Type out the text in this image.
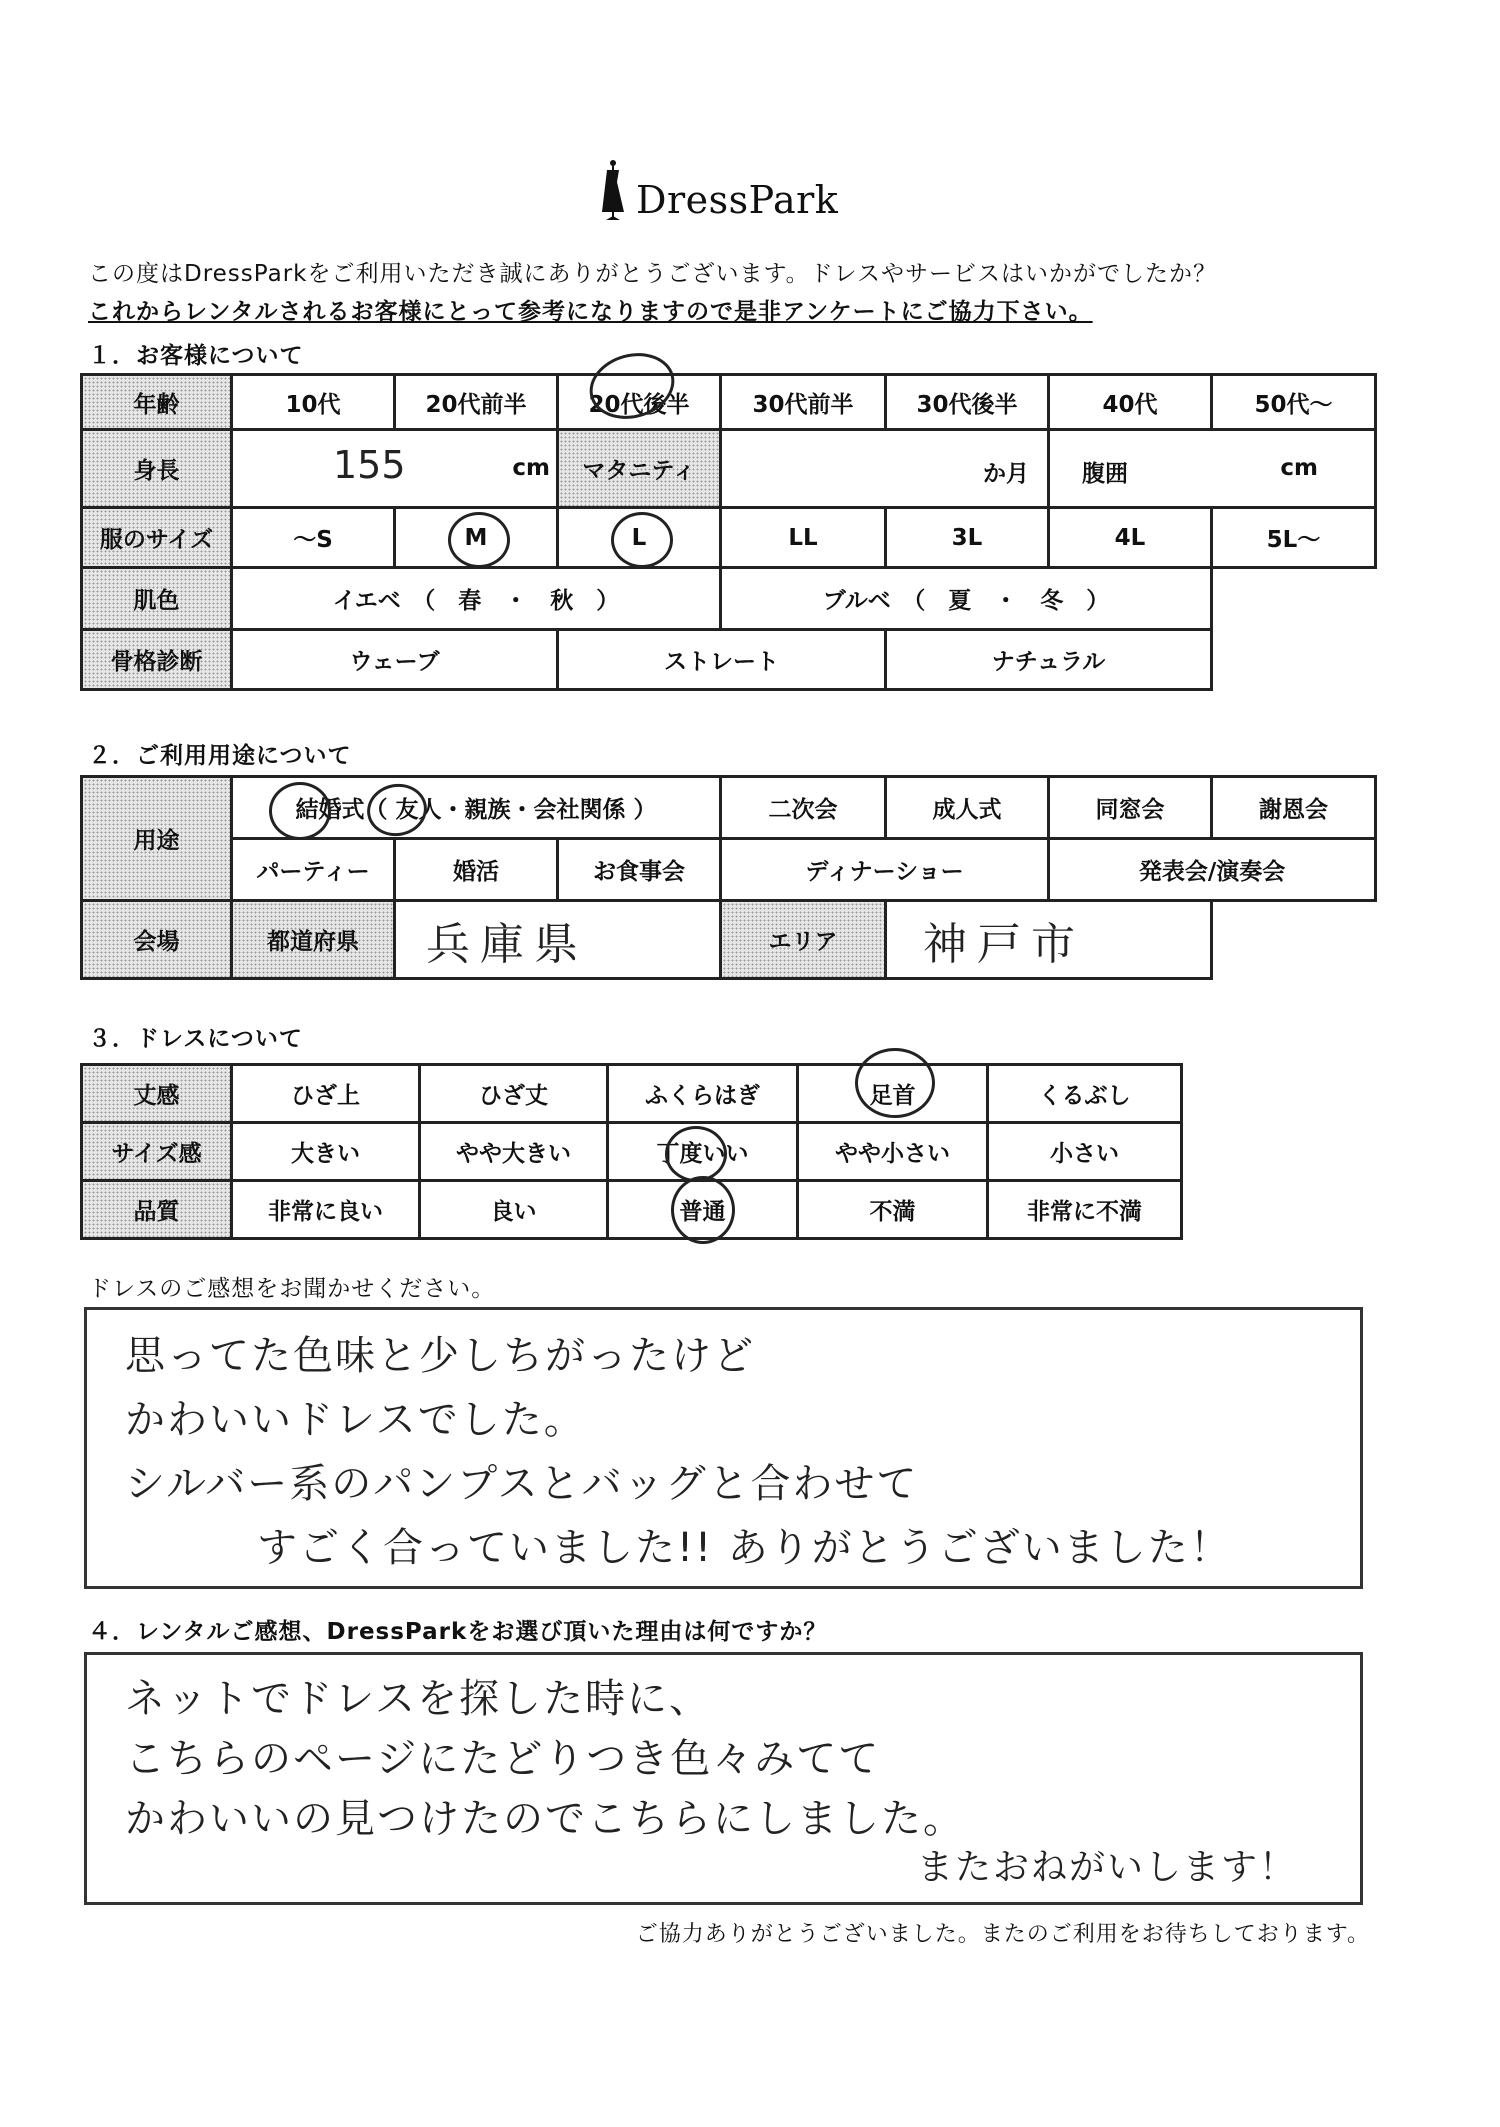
DressPark
この度はDressParkをご利用いただき誠にありがとうございます。ドレスやサービスはいかがでしたか？
これからレンタルされるお客様にとって参考になりますので是非アンケートにご協力下さい。
１．お客様について
年齢	10代	20代前半	20代後半	30代前半	30代後半	40代	50代～
身長	155 cm		マタニティ	か月		腹囲 cm	

服のサイズ	～S	M	L	LL	3L	4L	5L～
肌色	イエベ　（　春　・　秋　）			ブルベ　（　夏　・　冬　）			
骨格診断	ウェーブ		ストレート		ナチュラル		
２．ご利用用途について
用途	結婚式（ 友人・親族・会社関係 ）			二次会	成人式	同窓会	謝恩会
	パーティー	婚活	お食事会	ディナーショー		発表会/演奏会	
会場	都道府県	兵庫県		エリア	神戸市		
３．ドレスについて
丈感	ひざ上	ひざ丈	ふくらはぎ	足首	くるぶし
サイズ感	大きい	やや大きい	丁度いい	やや小さい	小さい
品質	非常に良い	良い	普通	不満	非常に不満
ドレスのご感想をお聞かせください。
思ってた色味と少しちがったけど
かわいいドレスでした。
シルバー系のパンプスとバッグと合わせて
すごく合っていました!! ありがとうございました！
４．レンタルご感想、DressParkをお選び頂いた理由は何ですか？
ネットでドレスを探した時に、
こちらのページにたどりつき色々みてて
かわいいの見つけたのでこちらにしました。
またおねがいします！
ご協力ありがとうございました。またのご利用をお待ちしております。
